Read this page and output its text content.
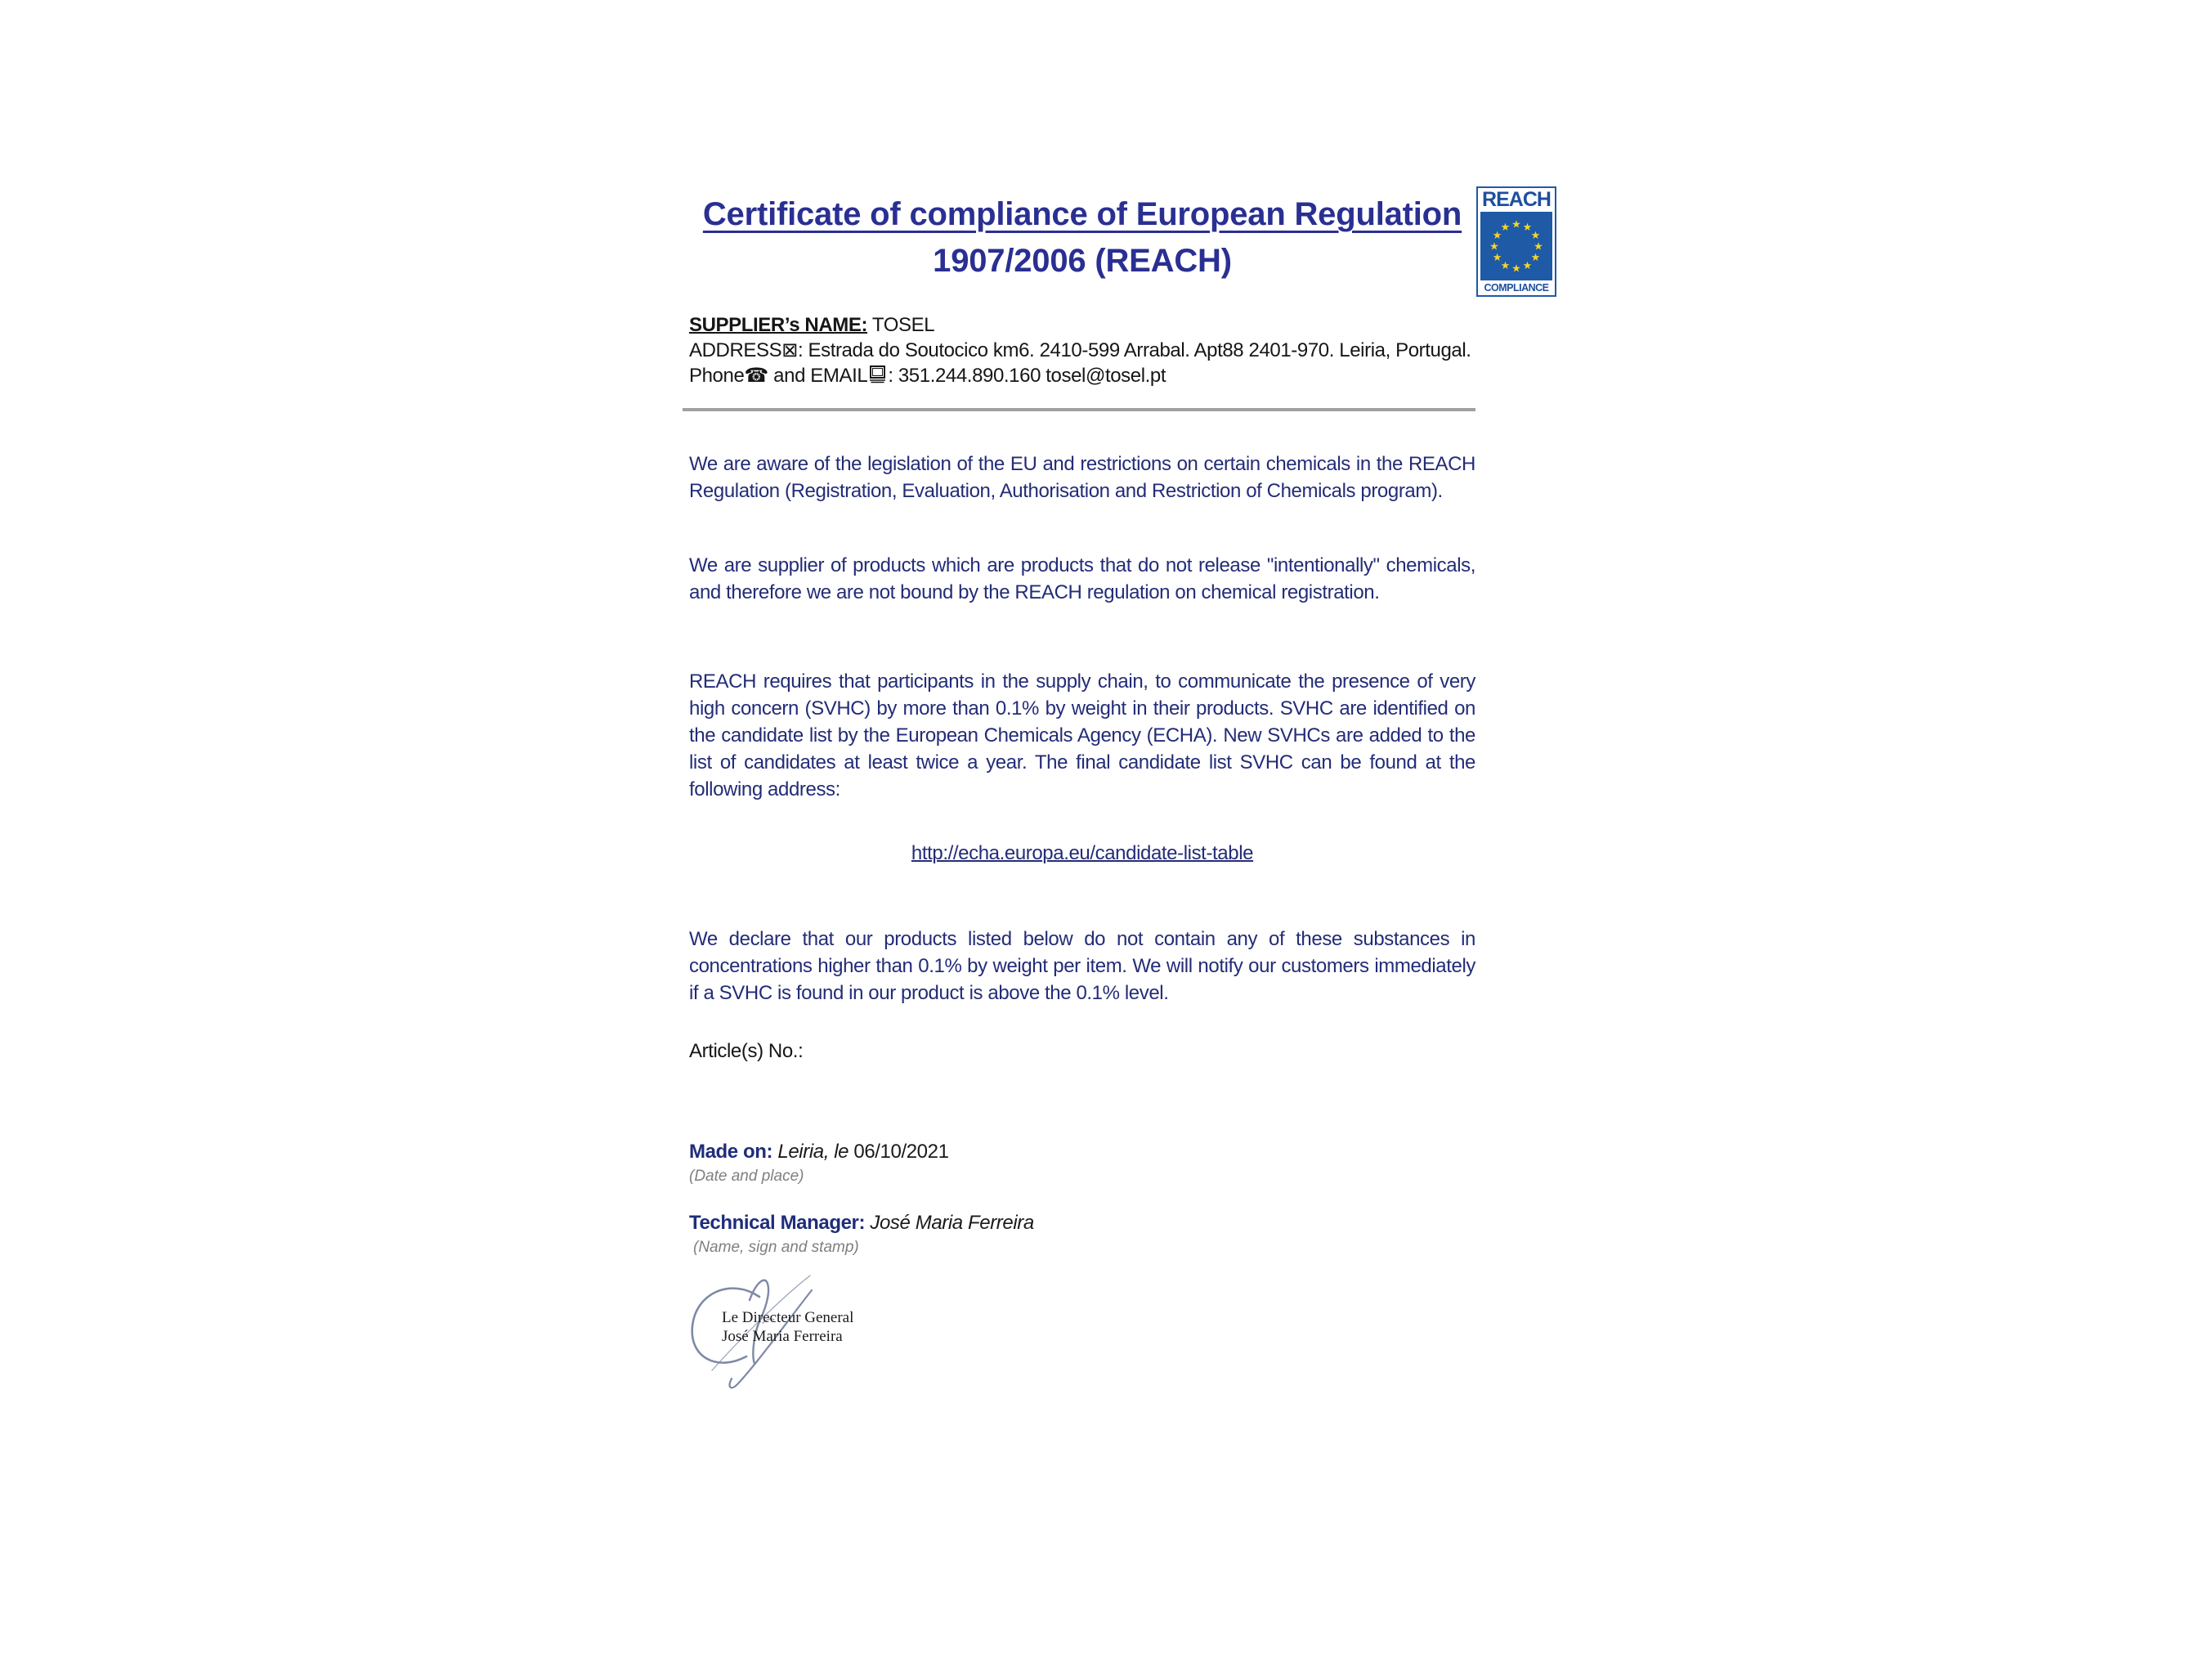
REACH
★ ★
★
★
★
★
★
★
★
★
★
★
COMPLIANCE
Certificate of compliance of European Regulation
1907/2006 (REACH)
SUPPLIER’s NAME: TOSEL
ADDRESS⊠: Estrada do Soutocico km6. 2410-599 Arrabal. Apt88 2401-970. Leiria, Portugal.
Phone☎ and EMAIL : 351.244.890.160 tosel@tosel.pt

We are aware of the legislation of the EU and restrictions on certain chemicals in the REACH Regulation (Registration, Evaluation, Authorisation and Restriction of Chemicals program).

We are supplier of products which are products that do not release "intentionally" chemicals, and therefore we are not bound by the REACH regulation on chemical registration.

REACH requires that participants in the supply chain, to communicate the presence of very high concern (SVHC) by more than 0.1% by weight in their products. SVHC are identified on the candidate list by the European Chemicals Agency (ECHA). New SVHCs are added to the list of candidates at least twice a year. The final candidate list SVHC can be found at the following address:

http://echa.europa.eu/candidate-list-table

We declare that our products listed below do not contain any of these substances in concentrations higher than 0.1% by weight per item. We will notify our customers immediately if a SVHC is found in our product is above the 0.1% level.

Article(s) No.:
Made on: Leiria, le 06/10/2021
(Date and place)
Technical Manager: José Maria Ferreira
(Name, sign and stamp)
Le Directeur General
José Maria Ferreira
